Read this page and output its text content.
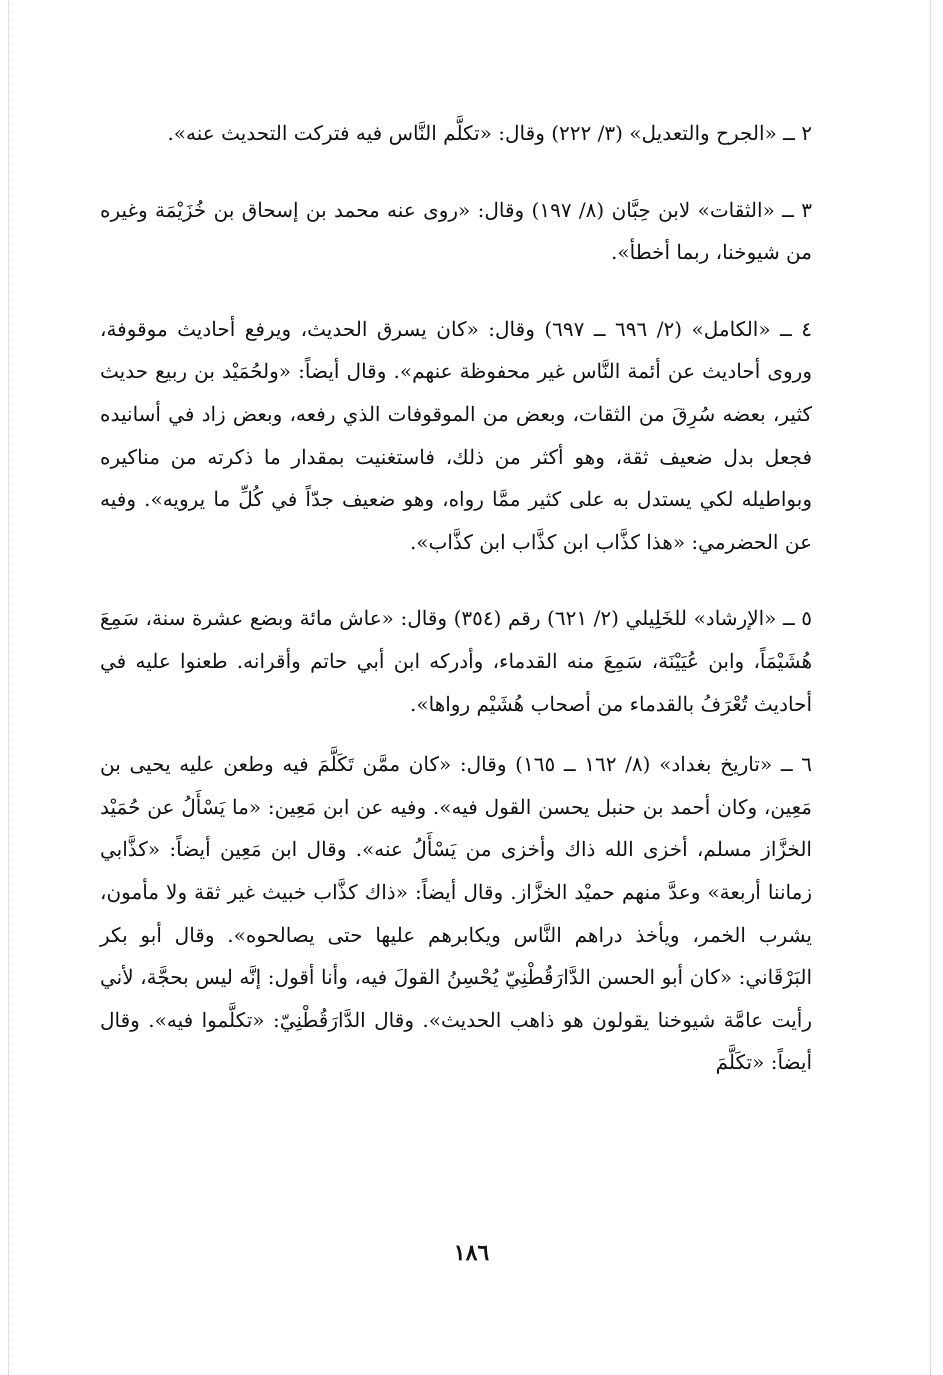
٢ ــ «الجرح والتعديل» (٣/ ٢٢٢) وقال: «تكلَّم النَّاس فيه فتركت التحديث عنه».

٣ ــ «الثقات» لابن حِبَّان (٨/ ١٩٧) وقال: «روى عنه محمد بن إسحاق بن خُزَيْمَة وغيره من شيوخنا، ربما أخطأ».

٤ ــ «الكامل» (٢/ ٦٩٦ ــ ٦٩٧) وقال: «كان يسرق الحديث، ويرفع أحاديث موقوفة، وروى أحاديث عن أئمة النَّاس غير محفوظة عنهم». وقال أيضاً: «ولحُمَيْد بن ربيع حديث كثير، بعضه سُرِقَ من الثقات، وبعض من الموقوفات الذي رفعه، وبعض زاد في أسانيده فجعل بدل ضعيف ثقة، وهو أكثر من ذلك، فاستغنيت بمقدار ما ذكرته من مناكيره وبواطيله لكي يستدل به على كثير ممَّا رواه، وهو ضعيف جدّاً في كُلِّ ما يرويه». وفيه عن الحضرمي: «هذا كذَّاب ابن كذَّاب ابن كذَّاب».

٥ ــ «الإرشاد» للخَلِيلي (٢/ ٦٢١) رقم (٣٥٤) وقال: «عاش مائة وبضع عشرة سنة، سَمِعَ هُشَيْمَاً، وابن عُيَيْنَة، سَمِعَ منه القدماء، وأدركه ابن أبي حاتم وأقرانه. طعنوا عليه في أحاديث تُعْرَفُ بالقدماء من أصحاب هُشَيْم رواها».

٦ ــ «تاريخ بغداد» (٨/ ١٦٢ ــ ١٦٥) وقال: «كان ممَّن تَكَلَّمَ فيه وطعن عليه يحيى بن مَعِين، وكان أحمد بن حنبل يحسن القول فيه». وفيه عن ابن مَعِين: «ما يَسْأَلُ عن حُمَيْد الخزَّاز مسلم، أخزى الله ذاك وأخزى من يَسْأَلُ عنه». وقال ابن مَعِين أيضاً: «كذَّابي زماننا أربعة» وعدَّ منهم حميْد الخزَّاز. وقال أيضاً: «ذاك كذَّاب خبيث غير ثقة ولا مأمون، يشرب الخمر، ويأخذ دراهم النَّاس ويكابرهم عليها حتى يصالحوه». وقال أبو بكر البَرْقَاني: «كان أبو الحسن الدَّارَقُطْنِيّ يُحْسِنُ القولَ فيه، وأنا أقول: إنَّه ليس بحجَّة، لأني رأيت عامَّة شيوخنا يقولون هو ذاهب الحديث». وقال الدَّارَقُطْنِيّ: «تكلَّموا فيه». وقال أيضاً: «تكَلَّمَ

١٨٦
